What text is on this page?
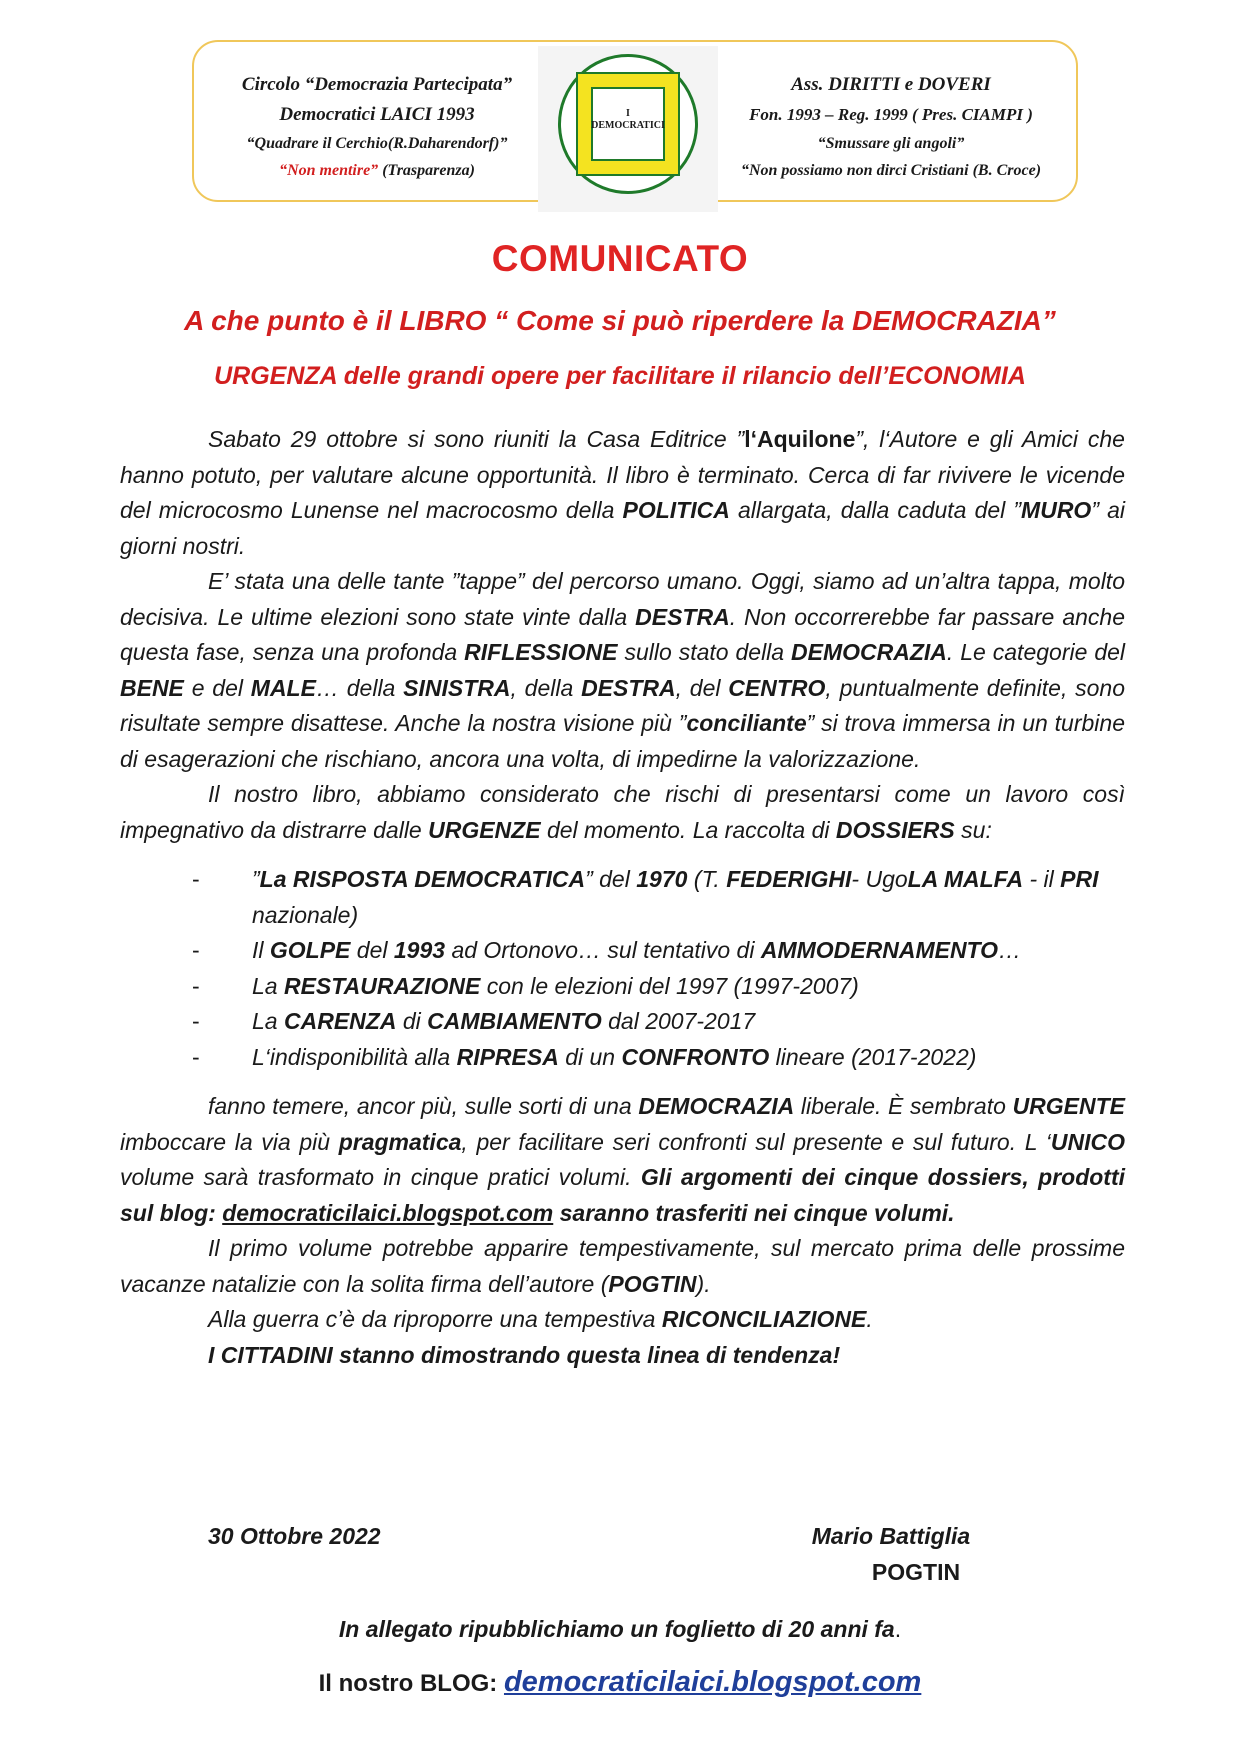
Circolo “Democrazia Partecipata”
Democratici LAICI 1993
“Quadrare il Cerchio(R.Daharendorf)”
“Non mentire” (Trasparenza)
I DEMOCRATICI
Ass. DIRITTI e DOVERI
Fon. 1993 – Reg. 1999 ( Pres. CIAMPI )
“Smussare gli angoli”
“Non possiamo non dirci Cristiani (B. Croce)
COMUNICATO
A che punto è il LIBRO “ Come si può riperdere la DEMOCRAZIA”
URGENZA delle grandi opere per facilitare il rilancio dell’ECONOMIA

Sabato 29 ottobre si sono riuniti la Casa Editrice ”l‘Aquilone”, l‘Autore e gli Amici che hanno potuto, per valutare alcune opportunità. Il libro è terminato. Cerca di far rivivere le vicende del microcosmo Lunense nel macrocosmo della POLITICA allargata, dalla caduta del ”MURO” ai giorni nostri.

E’ stata una delle tante ”tappe” del percorso umano. Oggi, siamo ad un’altra tappa, molto decisiva. Le ultime elezioni sono state vinte dalla DESTRA. Non occorrerebbe far passare anche questa fase, senza una profonda RIFLESSIONE sullo stato della DEMOCRAZIA. Le categorie del BENE e del MALE… della SINISTRA, della DESTRA, del CENTRO, puntualmente definite, sono risultate sempre disattese. Anche la nostra visione più ”conciliante” si trova immersa in un turbine di esagerazioni che rischiano, ancora una volta, di impedirne la valorizzazione.

Il nostro libro, abbiamo considerato che rischi di presentarsi come un lavoro così impegnativo da distrarre dalle URGENZE del momento. La raccolta di DOSSIERS su:

- ”La RISPOSTA DEMOCRATICA” del 1970 (T. FEDERIGHI- UgoLA MALFA - il PRI nazionale)
- Il GOLPE del 1993 ad Ortonovo… sul tentativo di AMMODERNAMENTO…
- La RESTAURAZIONE con le elezioni del 1997 (1997-2007)
- La CARENZA di CAMBIAMENTO dal 2007-2017
- L‘indisponibilità alla RIPRESA di un CONFRONTO lineare (2017-2022)

fanno temere, ancor più, sulle sorti di una DEMOCRAZIA liberale. È sembrato URGENTE imboccare la via più pragmatica, per facilitare seri confronti sul presente e sul futuro. L ‘UNICO volume sarà trasformato in cinque pratici volumi. Gli argomenti dei cinque dossiers, prodotti sul blog: democraticilaici.blogspot.com saranno trasferiti nei cinque volumi.

Il primo volume potrebbe apparire tempestivamente, sul mercato prima delle prossime vacanze natalizie con la solita firma dell’autore (POGTIN).

Alla guerra c’è da riproporre una tempestiva RICONCILIAZIONE.

I CITTADINI stanno dimostrando questa linea di tendenza!

30 Ottobre 2022	Mario Battiglia
POGTIN
In allegato ripubblichiamo un foglietto di 20 anni fa.
Il nostro BLOG: democraticilaici.blogspot.com
